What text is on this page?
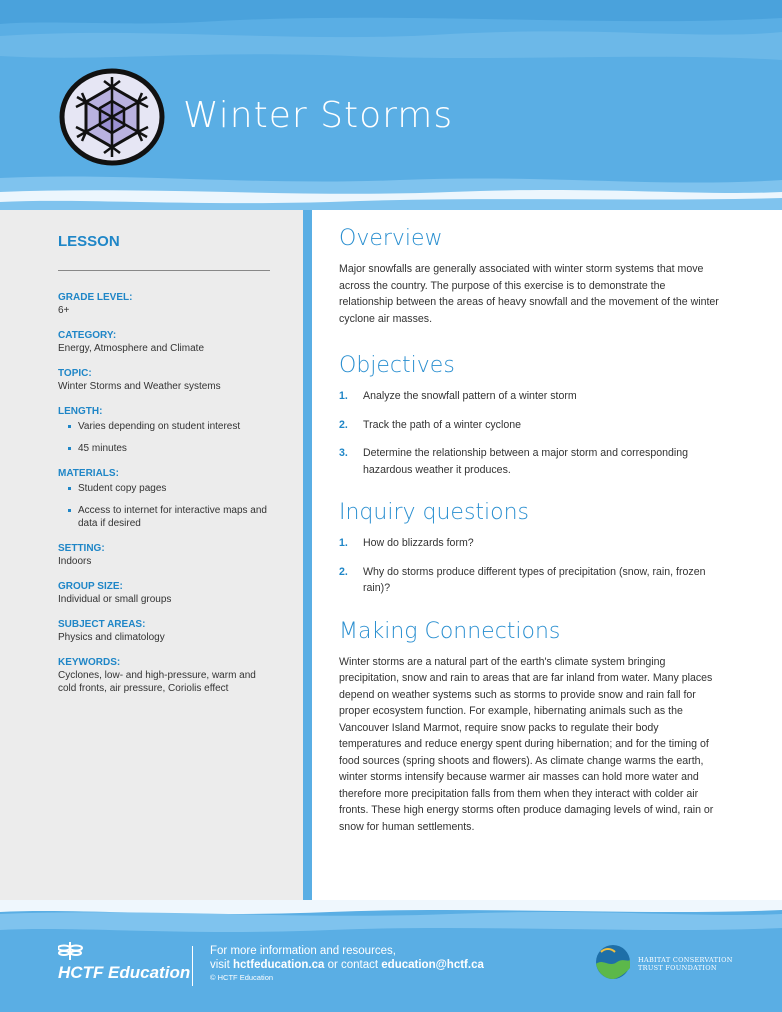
Winter Storms
LESSON

GRADE LEVEL:

6+

CATEGORY:

Energy, Atmosphere and Climate

TOPIC:

Winter Storms and Weather systems

LENGTH:

Varies depending on student interest
45 minutes

MATERIALS:

Student copy pages
Access to internet for interactive maps and data if desired

SETTING:

Indoors

GROUP SIZE:

Individual or small groups

SUBJECT AREAS:

Physics and climatology

KEYWORDS:

Cyclones, low- and high-pressure, warm and cold fronts, air pressure, Coriolis effect

Overview

Major snowfalls are generally associated with winter storm systems that move across the country. The purpose of this exercise is to demonstrate the relationship between the areas of heavy snowfall and the movement of the winter cyclone air masses.

Objectives
1. Analyze the snowfall pattern of a winter storm
2. Track the path of a winter cyclone
3. Determine the relationship between a major storm and corresponding hazardous weather it produces.
Inquiry questions
1. How do blizzards form?
2. Why do storms produce different types of precipitation (snow, rain, frozen rain)?
Making Connections

Winter storms are a natural part of the earth's climate system bringing precipitation, snow and rain to areas that are far inland from water. Many places depend on weather systems such as storms to provide snow and rain fall for proper ecosystem function. For example, hibernating animals such as the Vancouver Island Marmot, require snow packs to regulate their body temperatures and reduce energy spent during hibernation; and for the timing of food sources (spring shoots and flowers). As climate change warms the earth, winter storms intensify because warmer air masses can hold more water and therefore more precipitation falls from them when they interact with colder air fronts. These high energy storms often produce damaging levels of wind, rain or snow for human settlements.

HCTF Education

For more information and resources,

visit hctfeducation.ca or contact education@hctf.ca

© HCTF Education

HABITAT CONSERVATION
TRUST FOUNDATION
